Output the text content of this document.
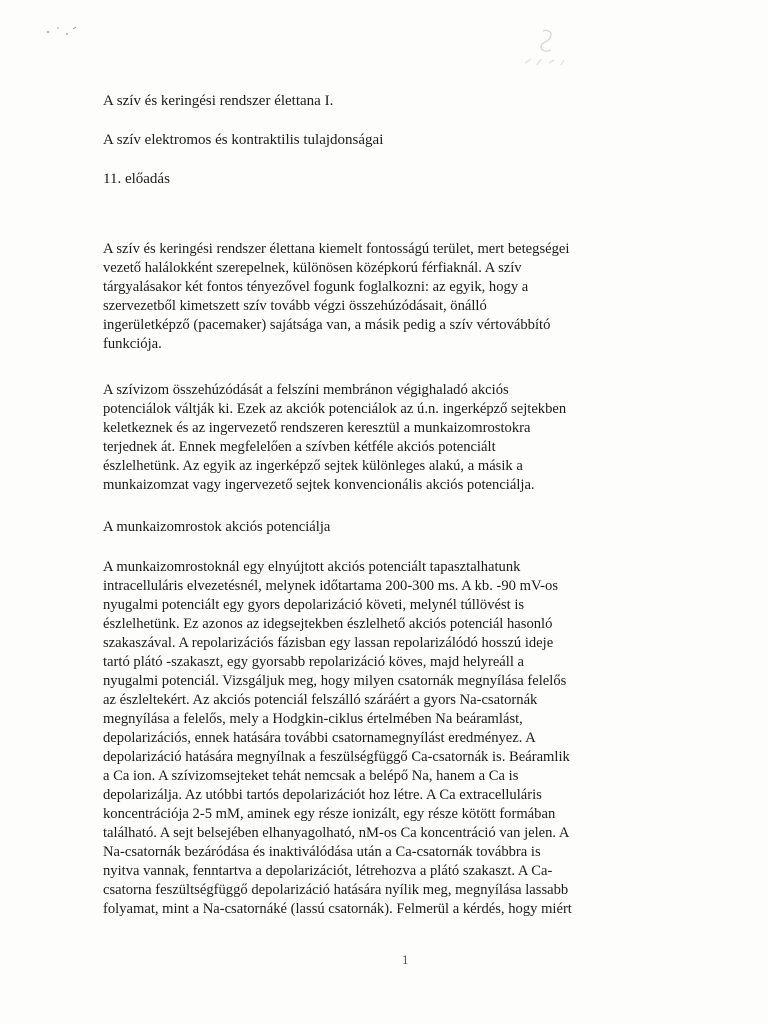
A szív és keringési rendszer élettana I.
A szív elektromos és kontraktilis tulajdonságai
11. előadás

A szív és keringési rendszer élettana kiemelt fontosságú terület, mert betegségei
vezető halálokként szerepelnek, különösen középkorú férfiaknál. A szív
tárgyalásakor két fontos tényezővel fogunk foglalkozni: az egyik, hogy a
szervezetből kimetszett szív tovább végzi összehúzódásait, önálló
ingerületképző (pacemaker) sajátsága van, a másik pedig a szív vértovábbító
funkciója.

A szívizom összehúzódását a felszíni membránon végighaladó akciós
potenciálok váltják ki. Ezek az akciók potenciálok az ú.n. ingerképző sejtekben
keletkeznek és az ingervezető rendszeren keresztül a munkaizomrostokra
terjednek át. Ennek megfelelően a szívben kétféle akciós potenciált
észlelhetünk. Az egyik az ingerképző sejtek különleges alakú, a másik a
munkaizomzat vagy ingervezető sejtek konvencionális akciós potenciálja.

A munkaizomrostok akciós potenciálja

A munkaizomrostoknál egy elnyújtott akciós potenciált tapasztalhatunk
intracelluláris elvezetésnél, melynek időtartama 200-300 ms. A kb. -90 mV-os
nyugalmi potenciált egy gyors depolarizáció követi, melynél túllövést is
észlelhetünk. Ez azonos az idegsejtekben észlelhető akciós potenciál hasonló
szakaszával. A repolarizációs fázisban egy lassan repolarizálódó hosszú ideje
tartó plátó -szakaszt, egy gyorsabb repolarizáció köves, majd helyreáll a
nyugalmi potenciál. Vizsgáljuk meg, hogy milyen csatornák megnyílása felelős
az észleltekért. Az akciós potenciál felszálló száráért a gyors Na-csatornák
megnyílása a felelős, mely a Hodgkin-ciklus értelmében Na beáramlást,
depolarizációs, ennek hatására további csatornamegnyílást eredményez. A
depolarizáció hatására megnyílnak a feszülségfüggő Ca-csatornák is. Beáramlik
a Ca ion. A szívizomsejteket tehát nemcsak a belépő Na, hanem a Ca is
depolarizálja. Az utóbbi tartós depolarizációt hoz létre. A Ca extracelluláris
koncentrációja 2-5 mM, aminek egy része ionizált, egy része kötött formában
található. A sejt belsejében elhanyagolható, nM-os Ca koncentráció van jelen. A
Na-csatornák bezáródása és inaktiválódása után a Ca-csatornák továbbra is
nyitva vannak, fenntartva a depolarizációt, létrehozva a plátó szakaszt. A Ca-
csatorna feszültségfüggő depolarizáció hatására nyílik meg, megnyílása lassabb
folyamat, mint a Na-csatornáké (lassú csatornák). Felmerül a kérdés, hogy miért

1
